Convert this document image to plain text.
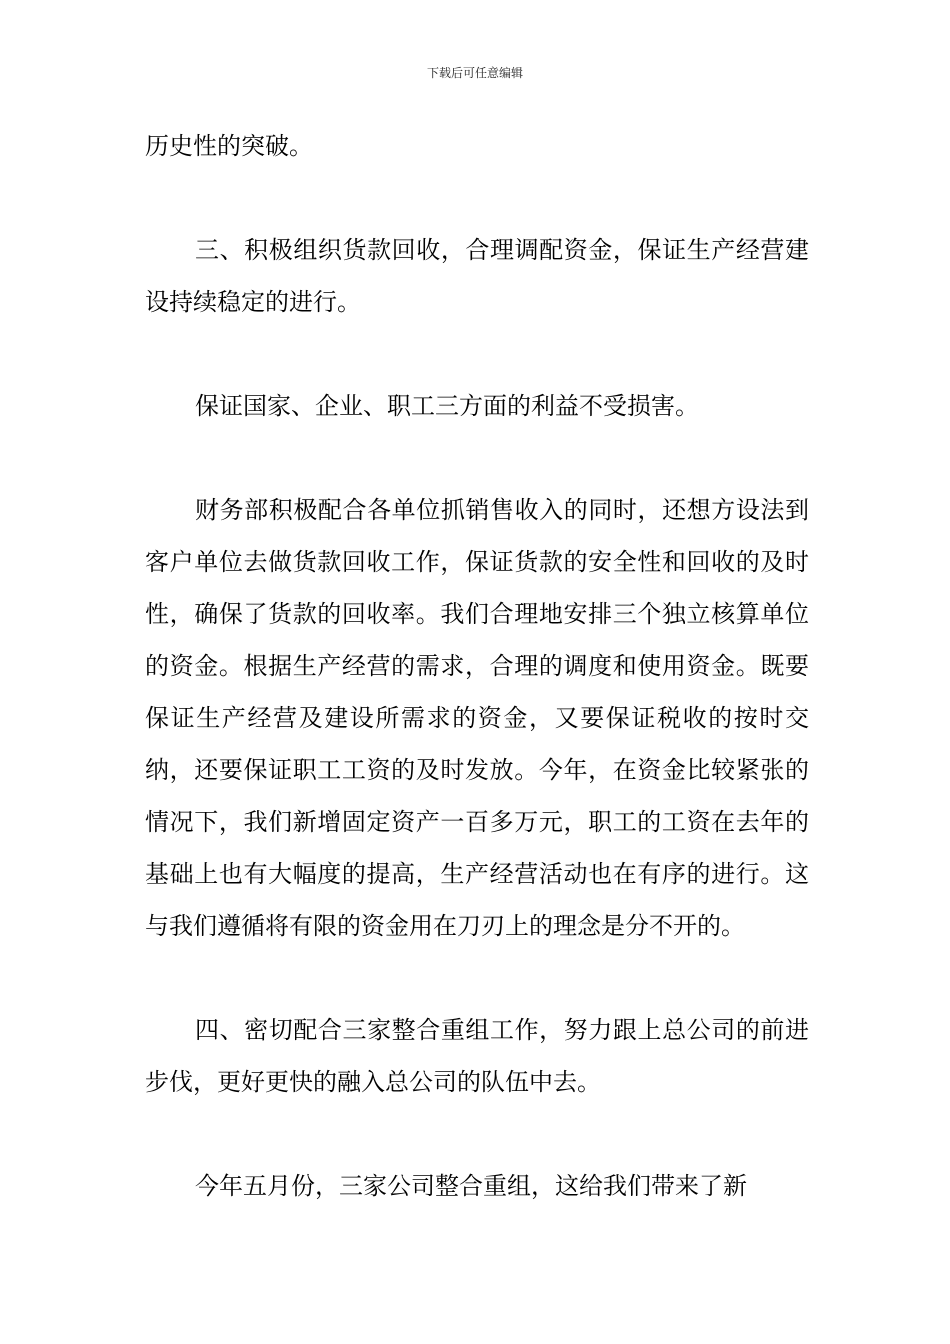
下载后可任意编辑

历史性的突破。

三、积极组织货款回收，合理调配资金，保证生产经营建设持续稳定的进行。

保证国家、企业、职工三方面的利益不受损害。

财务部积极配合各单位抓销售收入的同时，还想方设法到客户单位去做货款回收工作，保证货款的安全性和回收的及时性，确保了货款的回收率。我们合理地安排三个独立核算单位的资金。根据生产经营的需求，合理的调度和使用资金。既要保证生产经营及建设所需求的资金，又要保证税收的按时交纳，还要保证职工工资的及时发放。今年，在资金比较紧张的情况下，我们新增固定资产一百多万元，职工的工资在去年的基础上也有大幅度的提高，生产经营活动也在有序的进行。这与我们遵循将有限的资金用在刀刃上的理念是分不开的。

四、密切配合三家整合重组工作，努力跟上总公司的前进步伐，更好更快的融入总公司的队伍中去。

今年五月份，三家公司整合重组，这给我们带来了新
